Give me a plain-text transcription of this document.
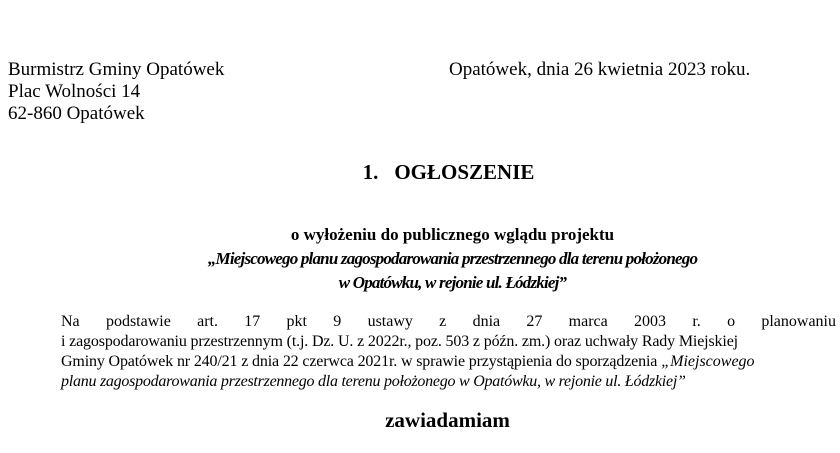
Burmistrz Gminy Opatówek
Plac Wolności 14
62-860 Opatówek
Opatówek, dnia 26 kwietnia 2023 roku.
1. OGŁOSZENIE
o wyłożeniu do publicznego wglądu projektu
„Miejscowego planu zagospodarowania przestrzennego dla terenu położonego
w Opatówku, w rejonie ul. Łódzkiej”
Na podstawie art. 17 pkt 9 ustawy z dnia 27 marca 2003 r. o planowaniu
i zagospodarowaniu przestrzennym (t.j. Dz. U. z 2022r., poz. 503 z późn. zm.) oraz uchwały Rady Miejskiej
Gminy Opatówek nr 240/21 z dnia 22 czerwca 2021r. w sprawie przystąpienia do sporządzenia „Miejscowego
planu zagospodarowania przestrzennego dla terenu położonego w Opatówku, w rejonie ul. Łódzkiej”
zawiadamiam
